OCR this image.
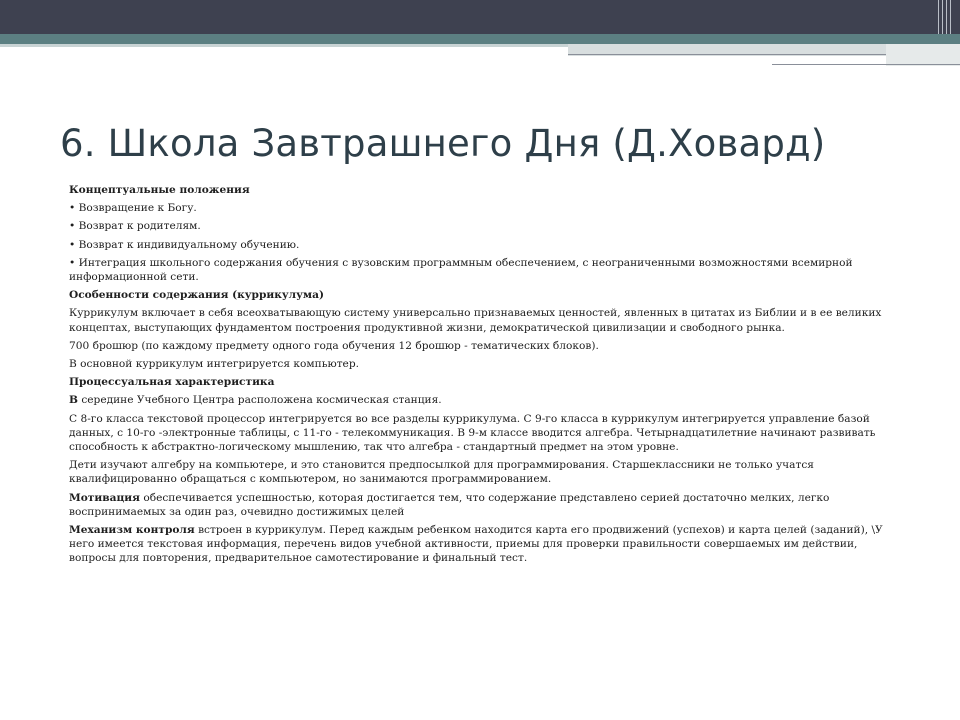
6. Школа Завтрашнего Дня (Д.Ховард)

Концептуальные положения

• Возвращение к Богу.

• Возврат к родителям.

• Возврат к индивидуальному обучению.

• Интеграция школьного содержания обучения с вузовским программным обеспечением, с неограниченными возможностями всемирной информационной сети.

Особенности содержания (куррикулума)

Куррикулум включает в себя всеохватывающую систему универсально признаваемых ценностей, явленных в цитатах из Библии и в ее великих концептах, выступающих фундаментом построения продуктивной жизни, демократической цивилизации и свободного рынка.

700 брошюр (по каждому предмету одного года обучения 12 брошюр - тематических блоков).

В основной куррикулум интегрируется компьютер.

Процессуальная характеристика

В середине Учебного Центра расположена космическая станция.

С 8-го класса текстовой процессор интегрируется во все разделы куррикулума. С 9-го класса в куррикулум интегрируется управление базой данных, с 10-го -электронные таблицы, с 11-го - телекоммуникация. В 9-м классе вводится алгебра. Четырнадцатилетние начинают развивать способность к абстрактно-логическому мышлению, так что алгебра - стандартный предмет на этом уровне.

Дети изучают алгебру на компьютере, и это становится предпосылкой для программирования. Старшеклассники не только учатся квалифицированно обращаться с компьютером, но занимаются программированием.

Мотивация обеспечивается успешностью, которая достигается тем, что содержание представлено серией достаточно мелких, легко воспринимаемых за один раз, очевидно достижимых целей

Механизм контроля встроен в куррикулум. Перед каждым ребенком находится карта его продвижений (успехов) и карта целей (заданий), \У него имеется текстовая информация, перечень видов учебной активности, приемы для проверки правильности совершаемых им действии, вопросы для повторения, предварительное самотестирование и финальный тест.
